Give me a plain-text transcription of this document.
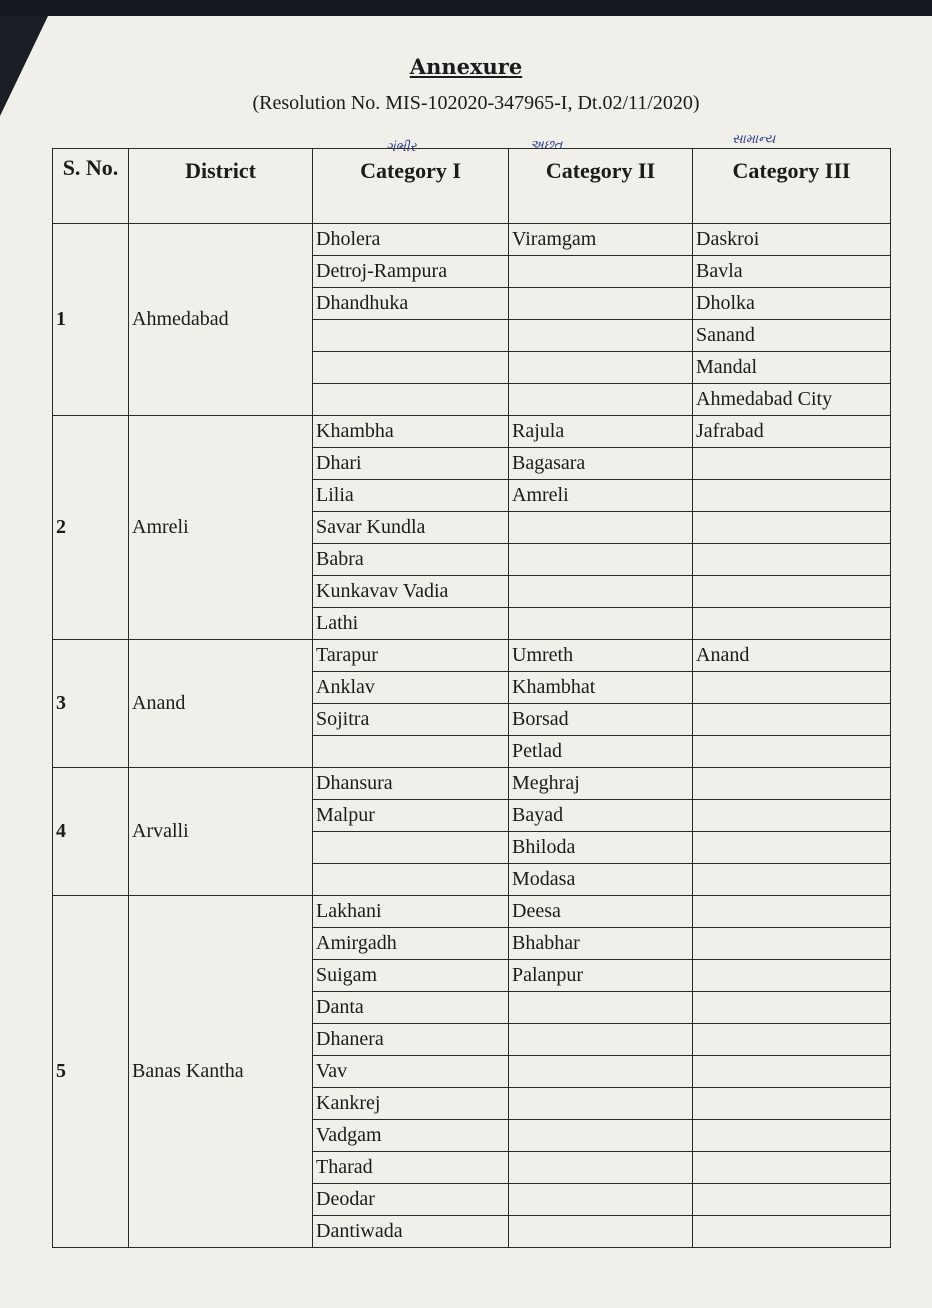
Annexure
(Resolution No. MIS-102020-347965-I, Dt.02/11/2020)
ગંભીર	અછત	સામાન્ય
S. No.	District	Category I	Category II	Category III
1	Ahmedabad	Dholera	Viramgam	Daskroi
		Detroj-Rampura		Bavla
		Dhandhuka		Dholka
				Sanand
				Mandal
				Ahmedabad City
2	Amreli	Khambha	Rajula	Jafrabad
		Dhari	Bagasara	
		Lilia	Amreli	
		Savar Kundla		
		Babra		
		Kunkavav Vadia		
		Lathi		
3	Anand	Tarapur	Umreth	Anand
		Anklav	Khambhat	
		Sojitra	Borsad	
			Petlad	
4	Arvalli	Dhansura	Meghraj	
		Malpur	Bayad	
			Bhiloda	
			Modasa	
5	Banas Kantha	Lakhani	Deesa	
		Amirgadh	Bhabhar	
		Suigam	Palanpur	
		Danta		
		Dhanera		
		Vav		
		Kankrej		
		Vadgam		
		Tharad		
		Deodar		
		Dantiwada		
